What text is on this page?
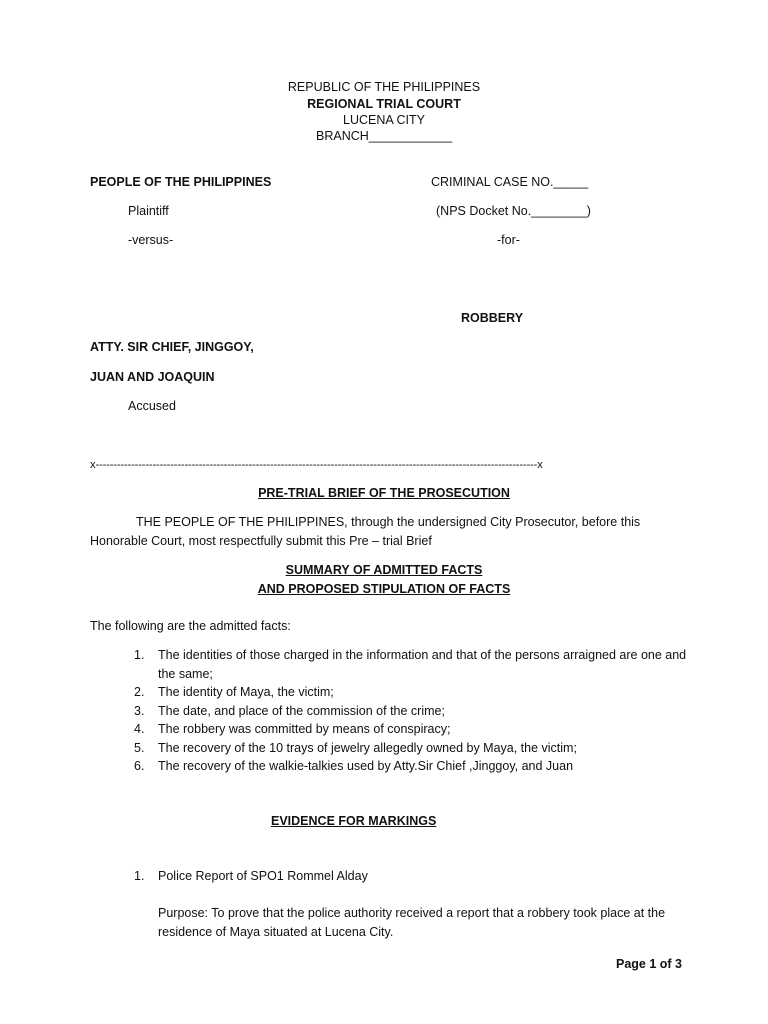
REPUBLIC OF THE PHILIPPINES
REGIONAL TRIAL COURT
LUCENA CITY
BRANCH____________
PEOPLE OF THE PHILIPPINES
Plaintiff
-versus-
ATTY. SIR CHIEF, JINGGOY,
JUAN AND JOAQUIN
Accused
CRIMINAL CASE NO._____
(NPS Docket No.________)
-for-
ROBBERY
x----------------------------------------------------------------------------------------------------------------------------x
PRE-TRIAL BRIEF OF THE PROSECUTION
THE PEOPLE OF THE PHILIPPINES, through the undersigned City Prosecutor, before this Honorable Court, most respectfully submit this Pre – trial Brief
SUMMARY OF ADMITTED FACTS
AND PROPOSED STIPULATION OF FACTS
The following are the admitted facts:
1. The identities of those charged in the information and that of the persons arraigned are one and the same;
2. The identity of Maya, the victim;
3. The date, and place of the commission of the crime;
4. The robbery was committed by means of conspiracy;
5. The recovery of the 10 trays of jewelry allegedly owned by Maya, the victim;
6. The recovery of the walkie-talkies used by Atty.Sir Chief ,Jinggoy, and Juan
EVIDENCE FOR MARKINGS
1. Police Report of SPO1 Rommel Alday
Purpose: To prove that the police authority received a report that a robbery took place at the residence of Maya situated at Lucena City.
Page 1 of 3
